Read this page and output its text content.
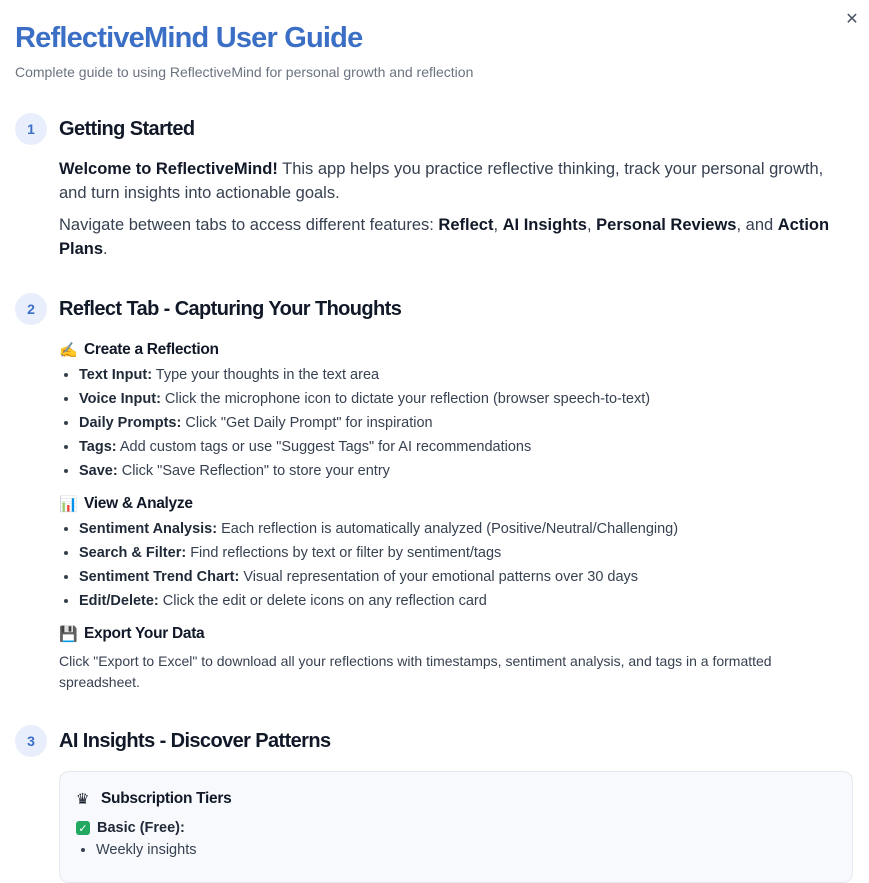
✕
ReflectiveMind User Guide
Complete guide to using ReflectiveMind for personal growth and reflection
1	Getting Started

Welcome to ReflectiveMind! This app helps you practice reflective thinking, track your personal growth, and turn insights into actionable goals.

Navigate between tabs to access different features: Reflect, AI Insights, Personal Reviews, and Action Plans.

2	Reflect Tab - Capturing Your Thoughts
✍️ Create a Reflection
• Text Input: Type your thoughts in the text area
• Voice Input: Click the microphone icon to dictate your reflection (browser speech-to-text)
• Daily Prompts: Click "Get Daily Prompt" for inspiration
• Tags: Add custom tags or use "Suggest Tags" for AI recommendations
• Save: Click "Save Reflection" to store your entry
📊 View & Analyze
• Sentiment Analysis: Each reflection is automatically analyzed (Positive/Neutral/Challenging)
• Search & Filter: Find reflections by text or filter by sentiment/tags
• Sentiment Trend Chart: Visual representation of your emotional patterns over 30 days
• Edit/Delete: Click the edit or delete icons on any reflection card
💾 Export Your Data

Click "Export to Excel" to download all your reflections with timestamps, sentiment analysis, and tags in a formatted spreadsheet.

3	AI Insights - Discover Patterns
♛ Subscription Tiers
✓ Basic (Free):
• Weekly insights
